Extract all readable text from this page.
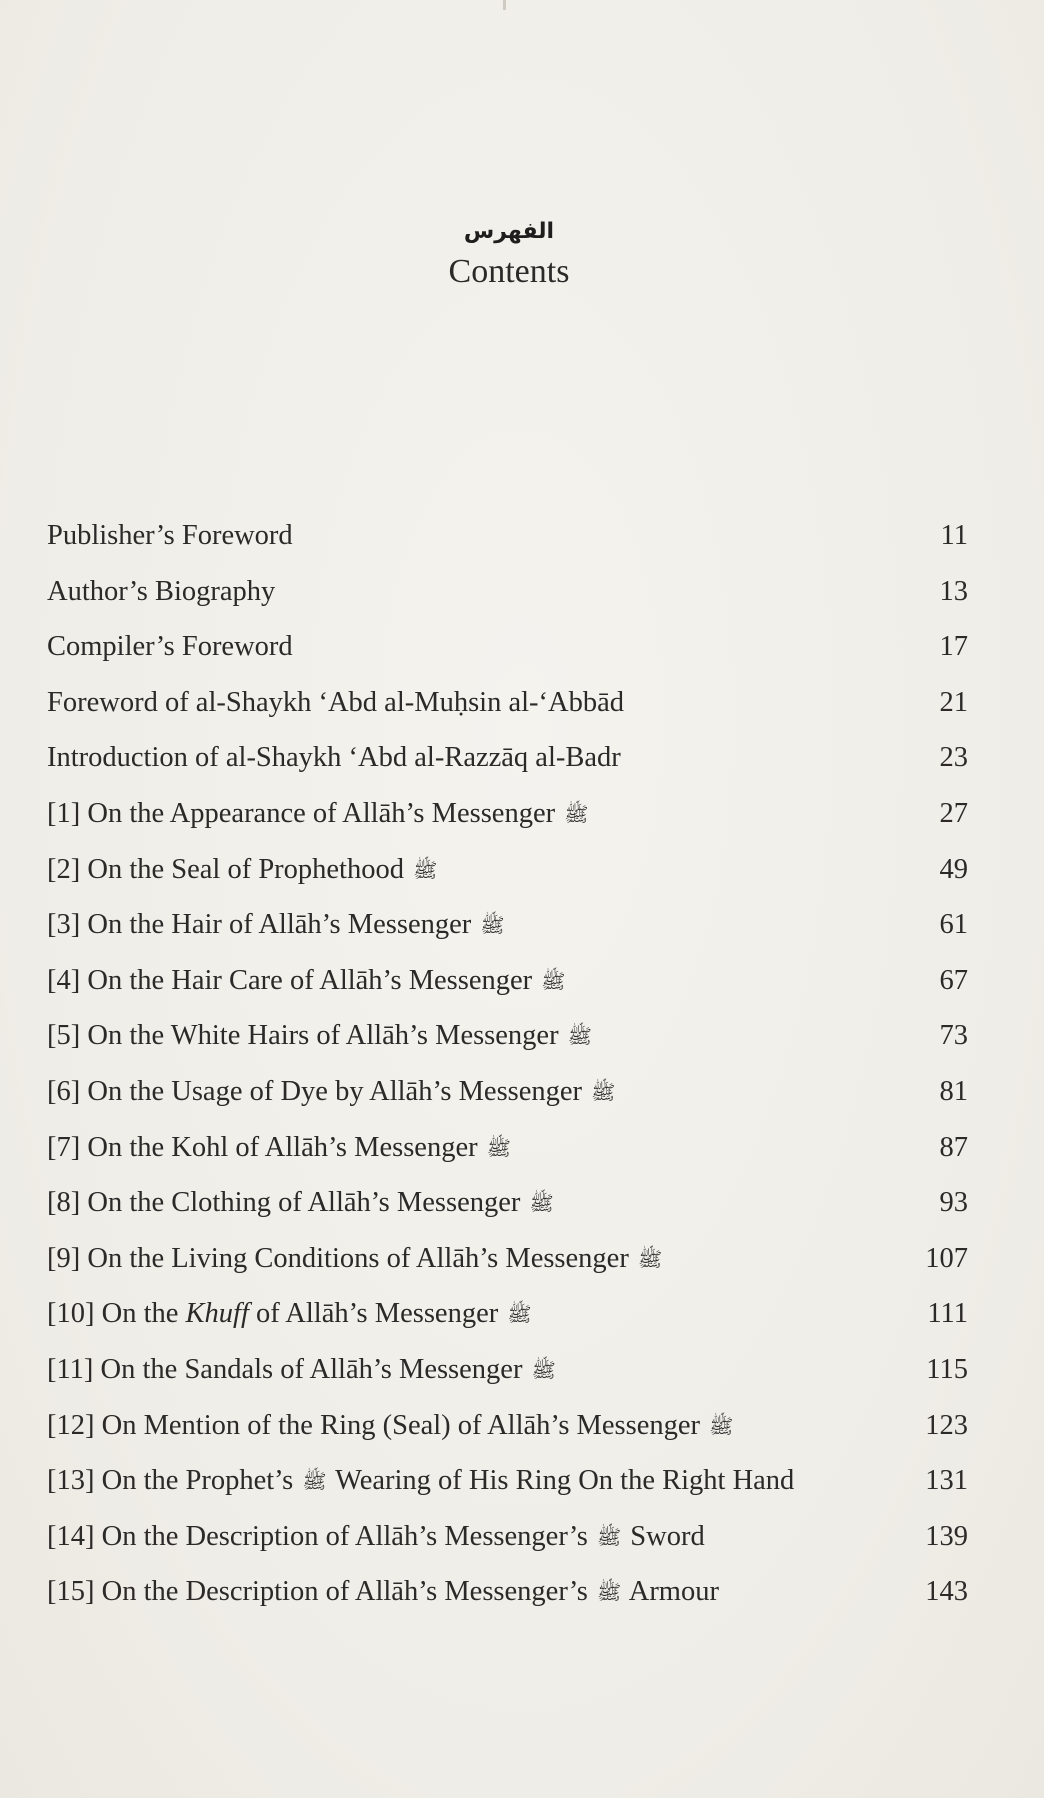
الفهرس
Contents
Publisher’s Foreword	11
Author’s Biography	13
Compiler’s Foreword	17
Foreword of al-Shaykh ‘Abd al-Muḥsin al-‘Abbād	21
Introduction of al-Shaykh ‘Abd al-Razzāq al-Badr	23
[1] On the Appearance of Allāh’s Messenger ﷺ	27
[2] On the Seal of Prophethood ﷺ	49
[3] On the Hair of Allāh’s Messenger ﷺ	61
[4] On the Hair Care of Allāh’s Messenger ﷺ	67
[5] On the White Hairs of Allāh’s Messenger ﷺ	73
[6] On the Usage of Dye by Allāh’s Messenger ﷺ	81
[7] On the Kohl of Allāh’s Messenger ﷺ	87
[8] On the Clothing of Allāh’s Messenger ﷺ	93
[9] On the Living Conditions of Allāh’s Messenger ﷺ	107
[10] On the Khuff of Allāh’s Messenger ﷺ	111
[11] On the Sandals of Allāh’s Messenger ﷺ	115
[12] On Mention of the Ring (Seal) of Allāh’s Messenger ﷺ	123
[13] On the Prophet’s ﷺ Wearing of His Ring On the Right Hand	131
[14] On the Description of Allāh’s Messenger’s ﷺ Sword	139
[15] On the Description of Allāh’s Messenger’s ﷺ Armour	143
